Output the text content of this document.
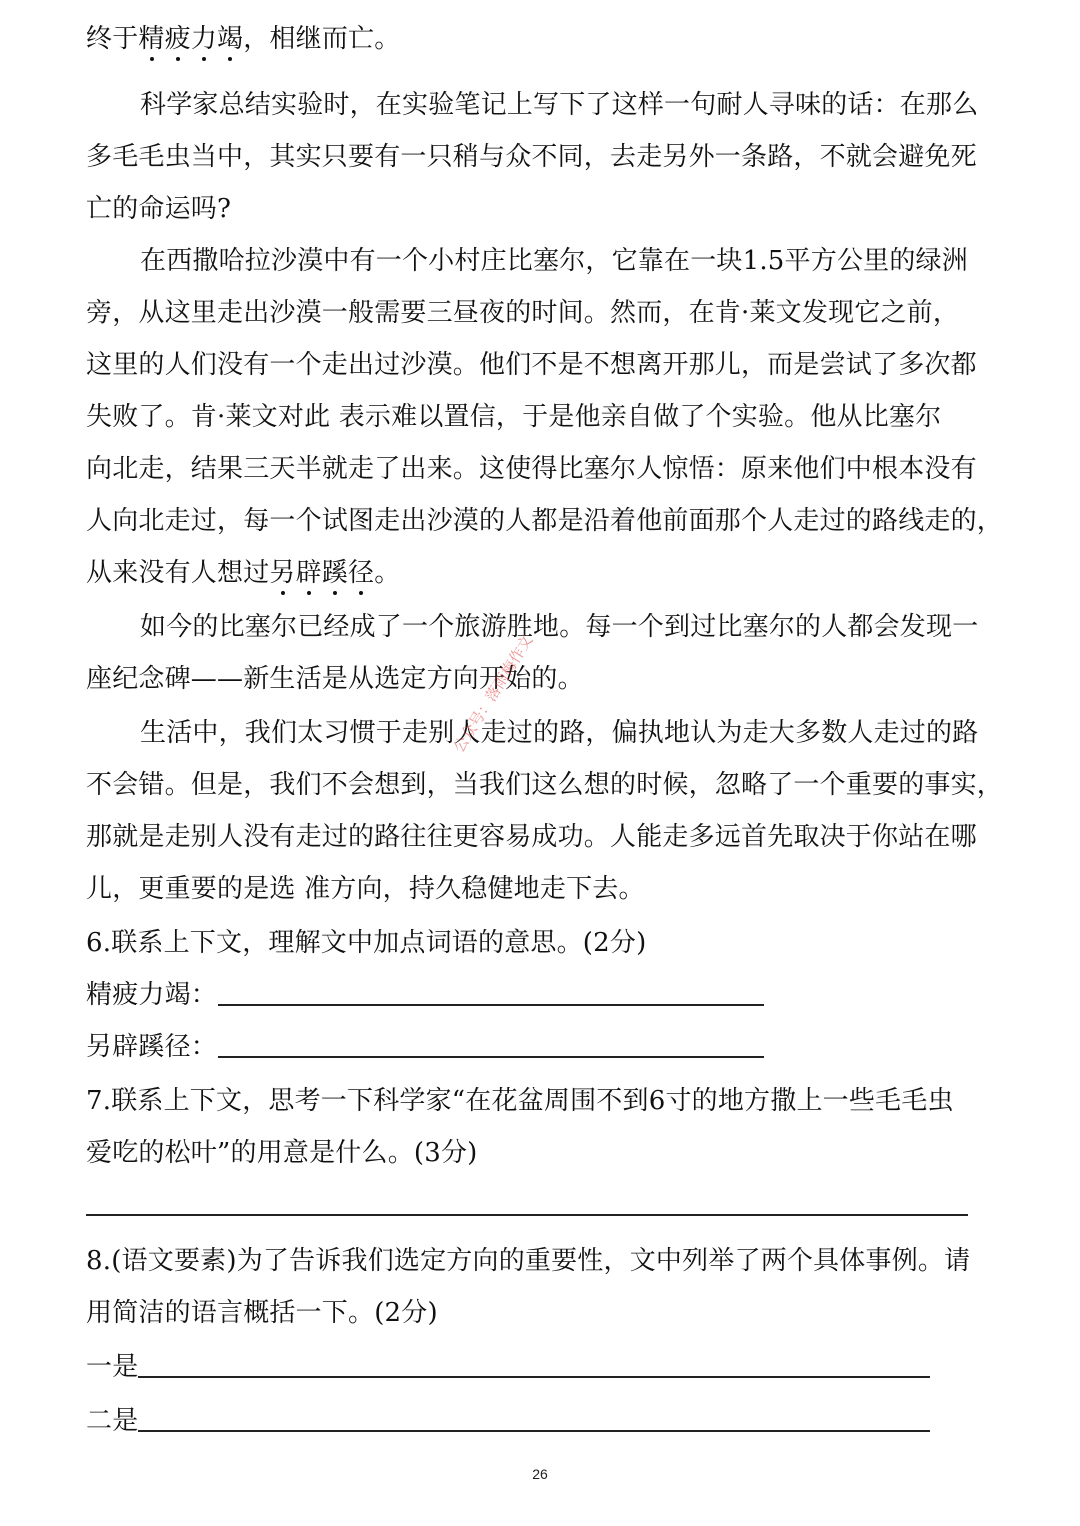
终于精疲力竭，相继而亡。
科学家总结实验时，在实验笔记上写下了这样一句耐人寻味的话：在那么
多毛毛虫当中，其实只要有一只稍与众不同，去走另外一条路，不就会避免死
亡的命运吗?
在西撒哈拉沙漠中有一个小村庄比塞尔，它靠在一块1.5平方公里的绿洲
旁，从这里走出沙漠一般需要三昼夜的时间。然而，在肯·莱文发现它之前，
这里的人们没有一个走出过沙漠。他们不是不想离开那儿，而是尝试了多次都
失败了。肯·莱文对此 表示难以置信，于是他亲自做了个实验。他从比塞尔
向北走，结果三天半就走了出来。这使得比塞尔人惊悟：原来他们中根本没有
人向北走过，每一个试图走出沙漠的人都是沿着他前面那个人走过的路线走的，
从来没有人想过另辟蹊径。
如今的比塞尔已经成了一个旅游胜地。每一个到过比塞尔的人都会发现一
座纪念碑——新生活是从选定方向开始的。
生活中，我们太习惯于走别人走过的路，偏执地认为走大多数人走过的路
不会错。但是，我们不会想到，当我们这么想的时候，忽略了一个重要的事实，
那就是走别人没有走过的路往往更容易成功。人能走多远首先取决于你站在哪
儿，更重要的是选 准方向，持久稳健地走下去。
6.联系上下文，理解文中加点词语的意思。(2分)
精疲力竭：
另辟蹊径：
7.联系上下文，思考一下科学家“在花盆周围不到6寸的地方撒上一些毛毛虫
爱吃的松叶”的用意是什么。(3分)
8.(语文要素)为了告诉我们选定方向的重要性，文中列举了两个具体事例。请
用简洁的语言概括一下。(2分)
一是
二是
公众号：落雨梅作文
26
